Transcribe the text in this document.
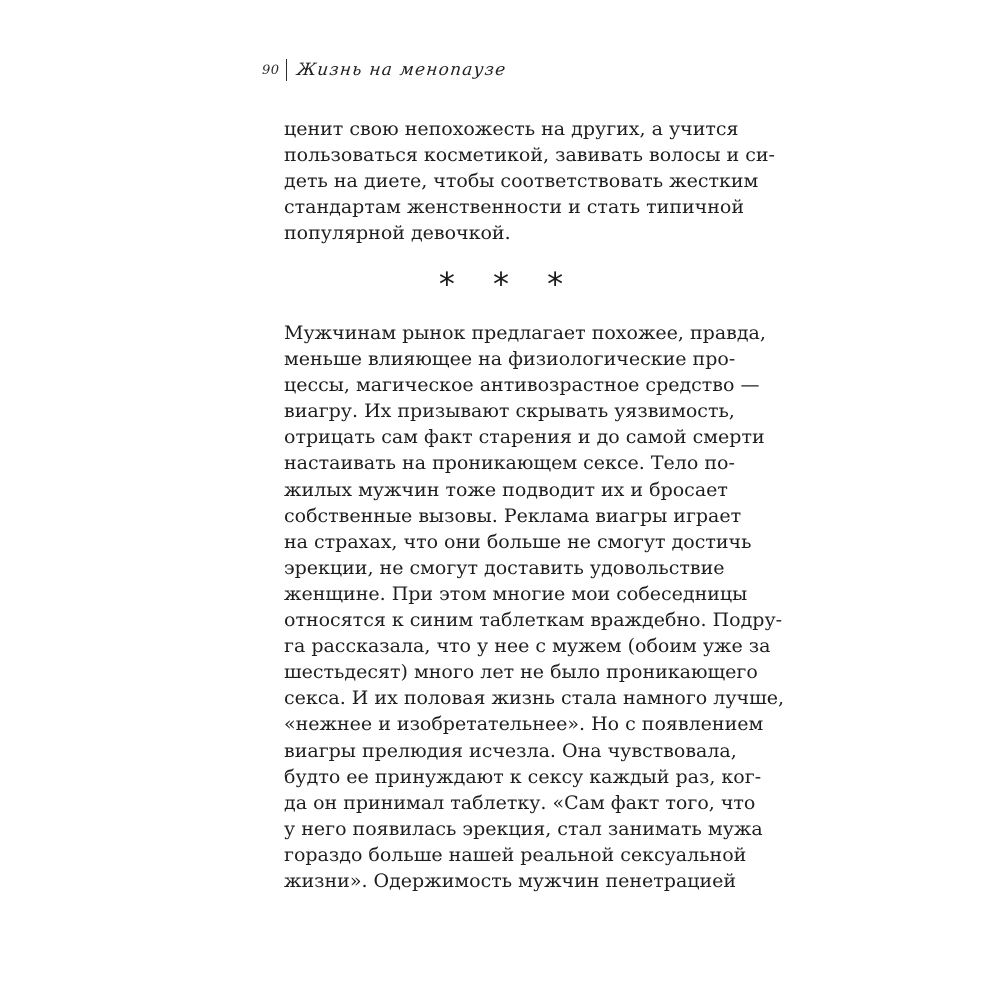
90 Жизнь на менопаузе
ценит свою непохожесть на других, а учится
пользоваться косметикой, завивать волосы и си-
деть на диете, чтобы соответствовать жестким
стандартам женственности и стать типичной
популярной девочкой.
* * *
Мужчинам рынок предлагает похожее, правда,
меньше влияющее на физиологические про-
цессы, магическое антивозрастное средство —
виагру. Их призывают скрывать уязвимость,
отрицать сам факт старения и до самой смерти
настаивать на проникающем сексе. Тело по-
жилых мужчин тоже подводит их и бросает
собственные вызовы. Реклама виагры играет
на страхах, что они больше не смогут достичь
эрекции, не смогут доставить удовольствие
женщине. При этом многие мои собеседницы
относятся к синим таблеткам враждебно. Подру-
га рассказала, что у нее с мужем (обоим уже за
шестьдесят) много лет не было проникающего
секса. И их половая жизнь стала намного лучше,
«нежнее и изобретательнее». Но с появлением
виагры прелюдия исчезла. Она чувствовала,
будто ее принуждают к сексу каждый раз, ког-
да он принимал таблетку. «Сам факт того, что
у него появилась эрекция, стал занимать мужа
гораздо больше нашей реальной сексуальной
жизни». Одержимость мужчин пенетрацией
